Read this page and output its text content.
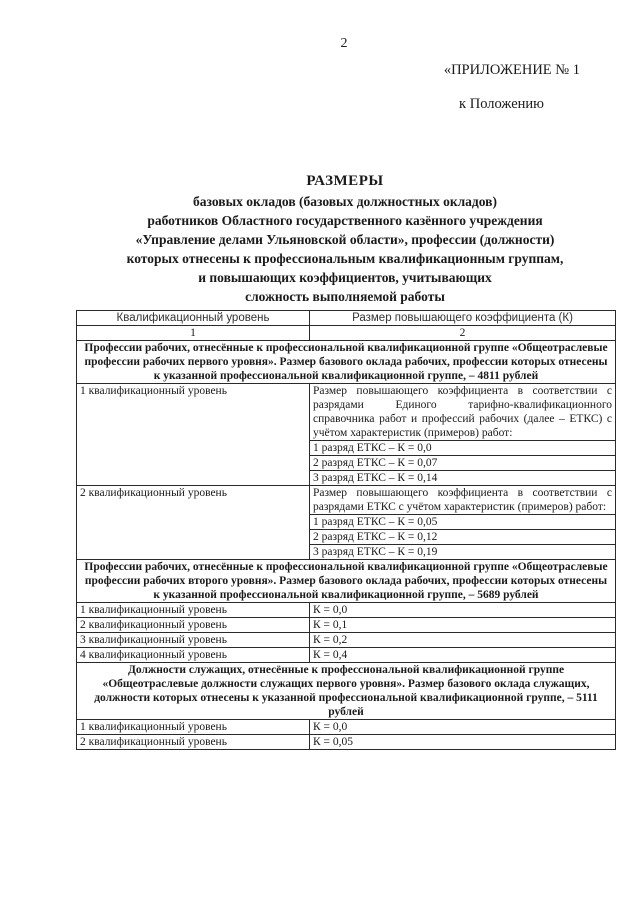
2
«ПРИЛОЖЕНИЕ № 1
к Положению
РАЗМЕРЫ
базовых окладов (базовых должностных окладов)
работников Областного государственного казённого учреждения
«Управление делами Ульяновской области», профессии (должности)
которых отнесены к профессиональным квалификационным группам,
и повышающих коэффициентов, учитывающих
сложность выполняемой работы
Квалификационный уровень	Размер повышающего коэффициента (К)
1	2
Профессии рабочих, отнесённые к профессиональной квалификационной группе «Общеотраслевые профессии рабочих первого уровня». Размер базового оклада рабочих, профессии которых отнесены к указанной профессиональной квалификационной группе, – 4811 рублей	
1 квалификационный уровень	Размер повышающего коэффициента в соответствии с разрядами Единого тарифно-квалификационного справочника работ и профессий рабочих (далее – ЕТКС) с учётом характеристик (примеров) работ:
	1 разряд ЕТКС – К = 0,0
	2 разряд ЕТКС – К = 0,07
	3 разряд ЕТКС – К = 0,14
2 квалификационный уровень	Размер повышающего коэффициента в соответствии с разрядами ЕТКС с учётом характеристик (примеров) работ:
	1 разряд ЕТКС – К = 0,05
	2 разряд ЕТКС – К = 0,12
	3 разряд ЕТКС – К = 0,19
Профессии рабочих, отнесённые к профессиональной квалификационной группе «Общеотраслевые профессии рабочих второго уровня». Размер базового оклада рабочих, профессии которых отнесены к указанной профессиональной квалификационной группе, – 5689 рублей	
1 квалификационный уровень	К = 0,0
2 квалификационный уровень	К = 0,1
3 квалификационный уровень	К = 0,2
4 квалификационный уровень	К = 0,4
Должности служащих, отнесённые к профессиональной квалификационной группе «Общеотраслевые должности служащих первого уровня». Размер базового оклада служащих, должности которых отнесены к указанной профессиональной квалификационной группе, – 5111 рублей	
1 квалификационный уровень	К = 0,0
2 квалификационный уровень	К = 0,05
